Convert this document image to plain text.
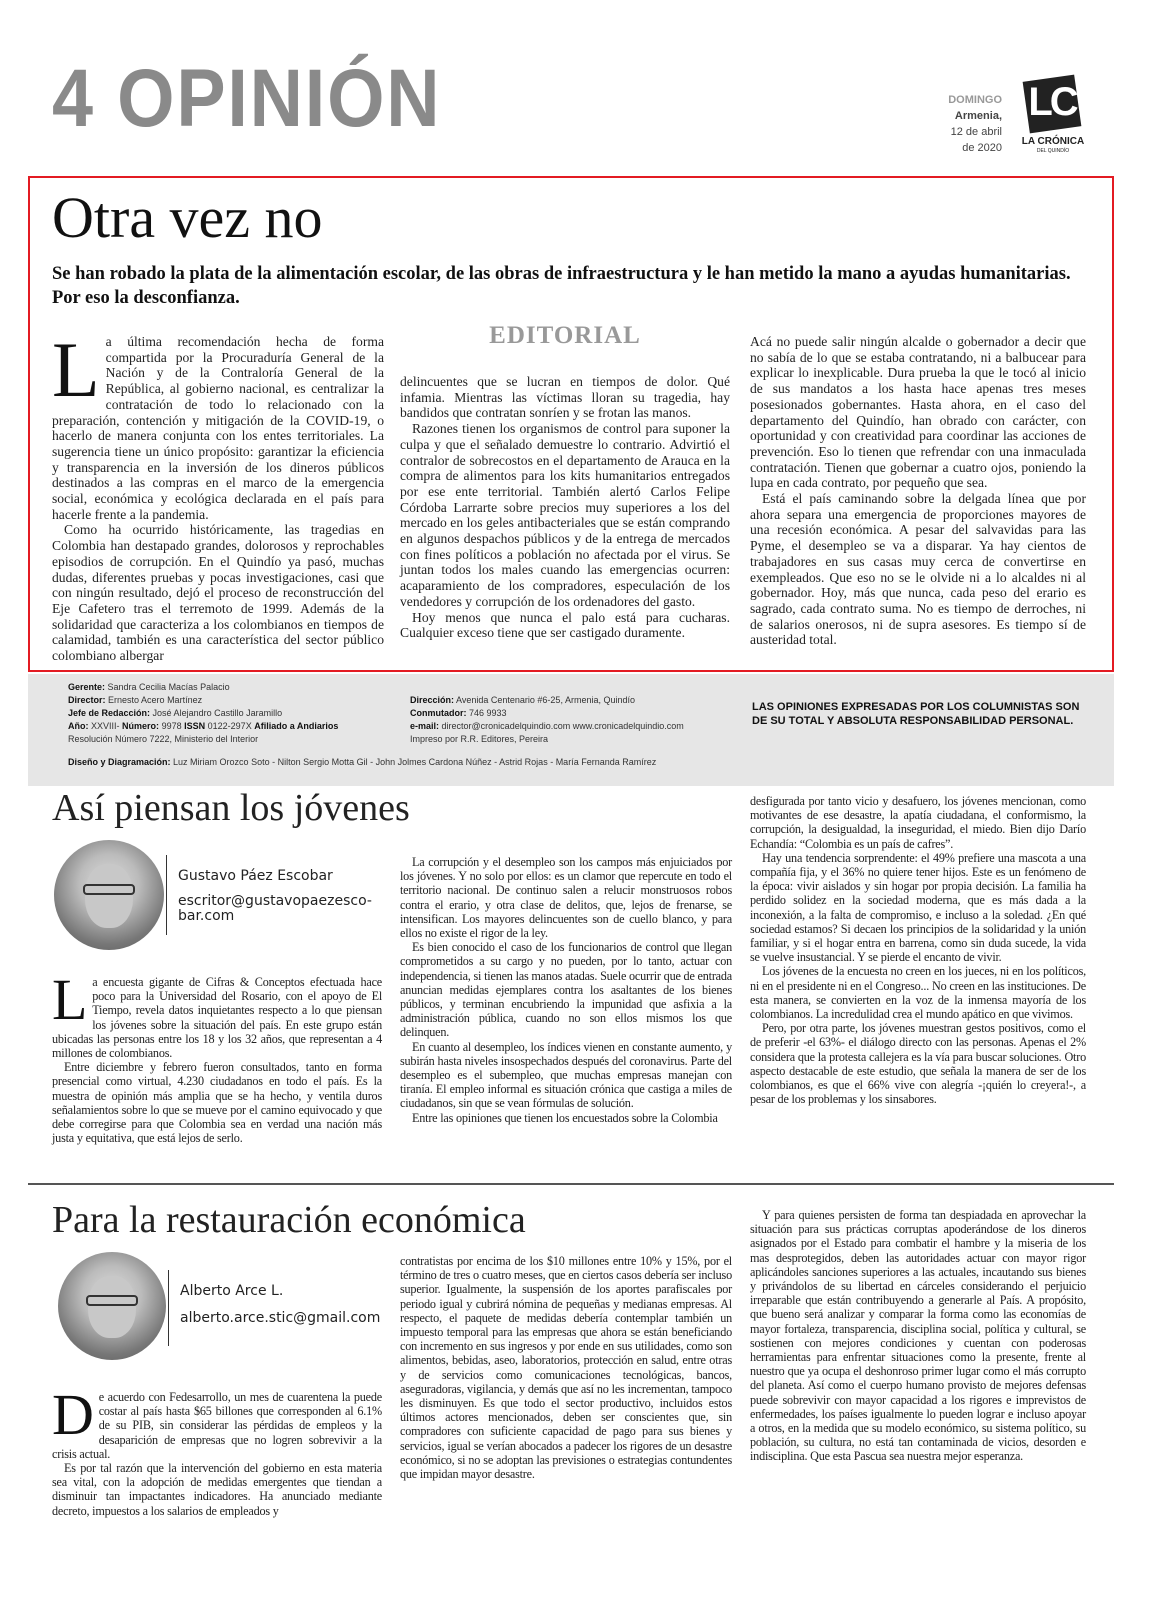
4 OPINIÓN	DOMINGO
Armenia,
12 de abril
de 2020
LC
LA CRÓNICA
DEL QUINDÍO
Otra vez no
Se han robado la plata de la alimentación escolar, de las obras de infraestructura y le han metido la mano a ayudas humanitarias. Por eso la desconfianza.
EDITORIAL
L a última recomendación hecha de forma compartida por la Procuraduría General de la Nación y de la Contraloría General de la República, al gobierno nacional, es centralizar la contratación de todo lo relacionado con la preparación, contención y mitigación de la COVID-19, o hacerlo de manera conjunta con los entes territoriales. La sugerencia tiene un único propósito: garantizar la eficiencia y transparencia en la inversión de los dineros públicos destinados a las compras en el marco de la emergencia social, económica y ecológica declarada en el país para hacerle frente a la pandemia.

Como ha ocurrido históricamente, las tragedias en Colombia han destapado grandes, dolorosos y reprochables episodios de corrupción. En el Quindío ya pasó, muchas dudas, diferentes pruebas y pocas investigaciones, casi que con ningún resultado, dejó el proceso de reconstrucción del Eje Cafetero tras el terremoto de 1999. Además de la solidaridad que caracteriza a los colombianos en tiempos de calamidad, también es una característica del sector público colombiano albergar

delincuentes que se lucran en tiempos de dolor. Qué infamia. Mientras las víctimas lloran su tragedia, hay bandidos que contratan sonríen y se frotan las manos.

Razones tienen los organismos de control para suponer la culpa y que el señalado demuestre lo contrario. Advirtió el contralor de sobrecostos en el departamento de Arauca en la compra de alimentos para los kits humanitarios entregados por ese ente territorial. También alertó Carlos Felipe Córdoba Larrarte sobre precios muy superiores a los del mercado en los geles antibacteriales que se están comprando en algunos despachos públicos y de la entrega de mercados con fines políticos a población no afectada por el virus. Se juntan todos los males cuando las emergencias ocurren: acaparamiento de los compradores, especulación de los vendedores y corrupción de los ordenadores del gasto.

Hoy menos que nunca el palo está para cucharas. Cualquier exceso tiene que ser castigado duramente.

Acá no puede salir ningún alcalde o gobernador a decir que no sabía de lo que se estaba contratando, ni a balbucear para explicar lo inexplicable. Dura prueba la que le tocó al inicio de sus mandatos a los hasta hace apenas tres meses posesionados gobernantes. Hasta ahora, en el caso del departamento del Quindío, han obrado con carácter, con oportunidad y con creatividad para coordinar las acciones de prevención. Eso lo tienen que refrendar con una inmaculada contratación. Tienen que gobernar a cuatro ojos, poniendo la lupa en cada contrato, por pequeño que sea.

Está el país caminando sobre la delgada línea que por ahora separa una emergencia de proporciones mayores de una recesión económica. A pesar del salvavidas para las Pyme, el desempleo se va a disparar. Ya hay cientos de trabajadores en sus casas muy cerca de convertirse en exempleados. Que eso no se le olvide ni a lo alcaldes ni al gobernador. Hoy, más que nunca, cada peso del erario es sagrado, cada contrato suma. No es tiempo de derroches, ni de salarios onerosos, ni de supra asesores. Es tiempo sí de austeridad total.

Gerente: Sandra Cecilia Macías Palacio
Director: Ernesto Acero Martínez
Jefe de Redacción: José Alejandro Castillo Jaramillo
Año: XXVIII- Número: 9978 ISSN 0122-297X Afiliado a Andiarios
Resolución Número 7222, Ministerio del Interior
Diseño y Diagramación: Luz Miriam Orozco Soto - Nilton Sergio Motta Gil - John Jolmes Cardona Núñez - Astrid Rojas - María Fernanda Ramírez
Dirección: Avenida Centenario #6-25, Armenia, Quindío
Conmutador: 746 9933
e-mail: director@cronicadelquindio.com www.cronicadelquindio.com
Impreso por R.R. Editores, Pereira
LAS OPINIONES EXPRESADAS POR LOS COLUMNISTAS SON DE SU TOTAL Y ABSOLUTA RESPONSABILIDAD PERSONAL.
Así piensan los jóvenes
Gustavo Páez Escobar
escritor@gustavopaezesco-
bar.com
L a encuesta gigante de Cifras & Conceptos efectuada hace poco para la Universidad del Rosario, con el apoyo de El Tiempo, revela datos inquietantes respecto a lo que piensan los jóvenes sobre la situación del país. En este grupo están ubicadas las personas entre los 18 y los 32 años, que representan a 4 millones de colombianos.

Entre diciembre y febrero fueron consultados, tanto en forma presencial como virtual, 4.230 ciudadanos en todo el país. Es la muestra de opinión más amplia que se ha hecho, y ventila duros señalamientos sobre lo que se mueve por el camino equivocado y que debe corregirse para que Colombia sea en verdad una nación más justa y equitativa, que está lejos de serlo.

La corrupción y el desempleo son los campos más enjuiciados por los jóvenes. Y no solo por ellos: es un clamor que repercute en todo el territorio nacional. De continuo salen a relucir monstruosos robos contra el erario, y otra clase de delitos, que, lejos de frenarse, se intensifican. Los mayores delincuentes son de cuello blanco, y para ellos no existe el rigor de la ley.

Es bien conocido el caso de los funcionarios de control que llegan comprometidos a su cargo y no pueden, por lo tanto, actuar con independencia, si tienen las manos atadas. Suele ocurrir que de entrada anuncian medidas ejemplares contra los asaltantes de los bienes públicos, y terminan encubriendo la impunidad que asfixia a la administración pública, cuando no son ellos mismos los que delinquen.

En cuanto al desempleo, los índices vienen en constante aumento, y subirán hasta niveles insospechados después del coronavirus. Parte del desempleo es el subempleo, que muchas empresas manejan con tiranía. El empleo informal es situación crónica que castiga a miles de ciudadanos, sin que se vean fórmulas de solución.

Entre las opiniones que tienen los encuestados sobre la Colombia

desfigurada por tanto vicio y desafuero, los jóvenes mencionan, como motivantes de ese desastre, la apatía ciudadana, el conformismo, la corrupción, la desigualdad, la inseguridad, el miedo. Bien dijo Darío Echandía: “Colombia es un país de cafres”.

Hay una tendencia sorprendente: el 49% prefiere una mascota a una compañía fija, y el 36% no quiere tener hijos. Este es un fenómeno de la época: vivir aislados y sin hogar por propia decisión. La familia ha perdido solidez en la sociedad moderna, que es más dada a la inconexión, a la falta de compromiso, e incluso a la soledad. ¿En qué sociedad estamos? Si decaen los principios de la solidaridad y la unión familiar, y si el hogar entra en barrena, como sin duda sucede, la vida se vuelve insustancial. Y se pierde el encanto de vivir.

Los jóvenes de la encuesta no creen en los jueces, ni en los políticos, ni en el presidente ni en el Congreso... No creen en las instituciones. De esta manera, se convierten en la voz de la inmensa mayoría de los colombianos. La incredulidad crea el mundo apático en que vivimos.

Pero, por otra parte, los jóvenes muestran gestos positivos, como el de preferir -el 63%- el diálogo directo con las personas. Apenas el 2% considera que la protesta callejera es la vía para buscar soluciones. Otro aspecto destacable de este estudio, que señala la manera de ser de los colombianos, es que el 66% vive con alegría -¡quién lo creyera!-, a pesar de los problemas y los sinsabores.

Para la restauración económica
Alberto Arce L.
alberto.arce.stic@gmail.com
D e acuerdo con Fedesarrollo, un mes de cuarentena la puede costar al país hasta $65 billones que corresponden al 6.1% de su PIB, sin considerar las pérdidas de empleos y la desaparición de empresas que no logren sobrevivir a la crisis actual.

Es por tal razón que la intervención del gobierno en esta materia sea vital, con la adopción de medidas emergentes que tiendan a disminuir tan impactantes indicadores. Ha anunciado mediante decreto, impuestos a los salarios de empleados y

contratistas por encima de los $10 millones entre 10% y 15%, por el término de tres o cuatro meses, que en ciertos casos debería ser incluso superior. Igualmente, la suspensión de los aportes parafiscales por periodo igual y cubrirá nómina de pequeñas y medianas empresas. Al respecto, el paquete de medidas debería contemplar también un impuesto temporal para las empresas que ahora se están beneficiando con incremento en sus ingresos y por ende en sus utilidades, como son alimentos, bebidas, aseo, laboratorios, protección en salud, entre otras y de servicios como comunicaciones tecnológicas, bancos, aseguradoras, vigilancia, y demás que así no les incrementan, tampoco les disminuyen. Es que todo el sector productivo, incluidos estos últimos actores mencionados, deben ser conscientes que, sin compradores con suficiente capacidad de pago para sus bienes y servicios, igual se verían abocados a padecer los rigores de un desastre económico, si no se adoptan las previsiones o estrategias contundentes que impidan mayor desastre.

Y para quienes persisten de forma tan despiadada en aprovechar la situación para sus prácticas corruptas apoderándose de los dineros asignados por el Estado para combatir el hambre y la miseria de los mas desprotegidos, deben las autoridades actuar con mayor rigor aplicándoles sanciones superiores a las actuales, incautando sus bienes y privándolos de su libertad en cárceles considerando el perjuicio irreparable que están contribuyendo a generarle al País. A propósito, que bueno será analizar y comparar la forma como las economías de mayor fortaleza, transparencia, disciplina social, política y cultural, se sostienen con mejores condiciones y cuentan con poderosas herramientas para enfrentar situaciones como la presente, frente al nuestro que ya ocupa el deshonroso primer lugar como el más corrupto del planeta. Así como el cuerpo humano provisto de mejores defensas puede sobrevivir con mayor capacidad a los rigores e imprevistos de enfermedades, los países igualmente lo pueden lograr e incluso apoyar a otros, en la medida que su modelo económico, su sistema político, su población, su cultura, no está tan contaminada de vicios, desorden e indisciplina. Que esta Pascua sea nuestra mejor esperanza.
